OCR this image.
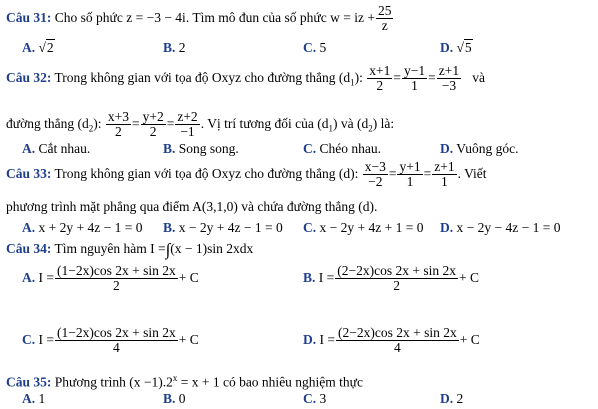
Câu 31: Cho số phức z = −3 − 4i. Tìm mô đun của số phức w = iz + $\frac{25}{z}$
A. √2	B. 2	C. 5	D. √5
Câu 32: Trong không gian với tọa độ Oxyz cho đường thẳng $(d_1)$: $\frac{x+1}{2} = \frac{y-1}{1} = \frac{z+1}{-3}$ và
đường thẳng $(d_2)$: $\frac{x+3}{2} = \frac{y+2}{2} = \frac{z+2}{-1}$ . Vị trí tương đối của $(d_1)$ và $(d_2)$ là:
A. Cắt nhau.	B. Song song.	C. Chéo nhau.	D. Vuông góc.
Câu 33: Trong không gian với tọa độ Oxyz cho đường thẳng (d): $\frac{x-3}{-2} = \frac{y+1}{1} = \frac{z+1}{1}$ . Viết
phương trình mặt phẳng qua điểm A(3,1,0) và chứa đường thẳng (d).
A. x + 2y + 4z − 1 = 0 B. x − 2y + 4z − 1 = 0 C. x − 2y + 4z + 1 = 0 D. x − 2y − 4z − 1 = 0
Câu 34: Tìm nguyên hàm I =∫(x − 1)sin 2xdx
A. $I = \frac{(1-2x)\cos 2x + \sin 2x}{2} + C$	B. $I = \frac{(2-2x)\cos 2x + \sin 2x}{2} + C$
C. $I = \frac{(1-2x)\cos 2x + \sin 2x}{4} + C$	D. $I = \frac{(2-2x)\cos 2x + \sin 2x}{4} + C$
Câu 35: Phương trình $(x -1).2^x = x + 1$ có bao nhiêu nghiệm thực
A. 1	B. 0	C. 3	D. 2
